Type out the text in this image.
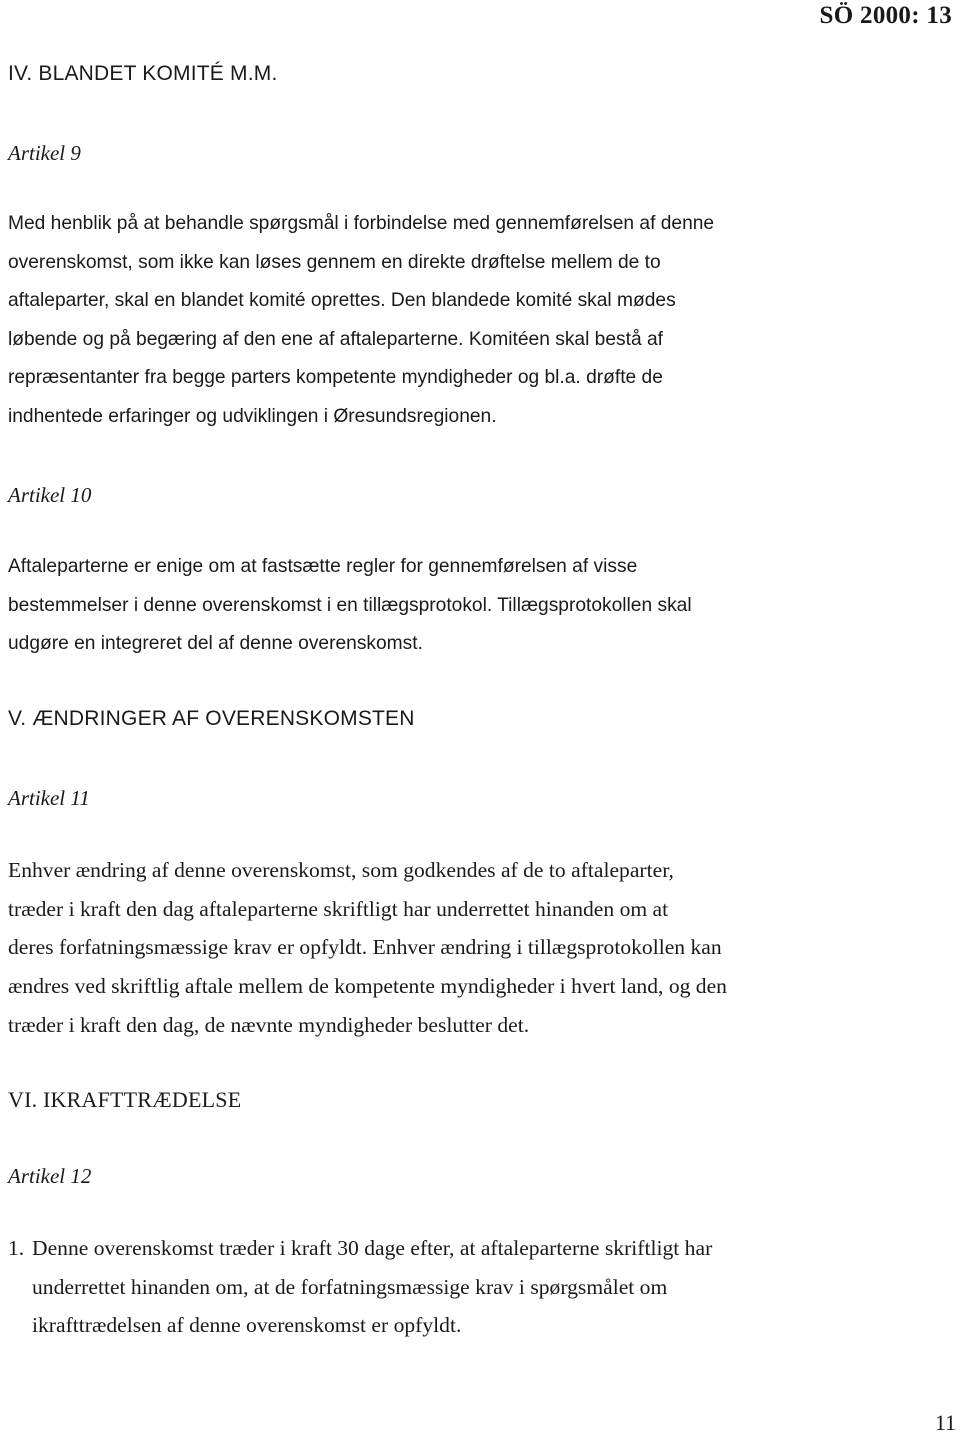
SÖ 2000: 13
IV. BLANDET KOMITÉ M.M.
Artikel 9
Med henblik på at behandle spørgsmål i forbindelse med gennemførelsen af denne
overenskomst, som ikke kan løses gennem en direkte drøftelse mellem de to
aftaleparter, skal en blandet komité oprettes. Den blandede komité skal mødes
løbende og på begæring af den ene af aftaleparterne. Komitéen skal bestå af
repræsentanter fra begge parters kompetente myndigheder og bl.a. drøfte de
indhentede erfaringer og udviklingen i Øresundsregionen.
Artikel 10
Aftaleparterne er enige om at fastsætte regler for gennemførelsen af visse
bestemmelser i denne overenskomst i en tillægsprotokol. Tillægsprotokollen skal
udgøre en integreret del af denne overenskomst.
V. ÆNDRINGER AF OVERENSKOMSTEN
Artikel 11
Enhver ændring af denne overenskomst, som godkendes af de to aftaleparter,
træder i kraft den dag aftaleparterne skriftligt har underrettet hinanden om at
deres forfatningsmæssige krav er opfyldt. Enhver ændring i tillægsprotokollen kan
ændres ved skriftlig aftale mellem de kompetente myndigheder i hvert land, og den
træder i kraft den dag, de nævnte myndigheder beslutter det.
VI. IKRAFTTRÆDELSE
Artikel 12
1. Denne overenskomst træder i kraft 30 dage efter, at aftaleparterne skriftligt har
underrettet hinanden om, at de forfatningsmæssige krav i spørgsmålet om
ikrafttrædelsen af denne overenskomst er opfyldt.
11
